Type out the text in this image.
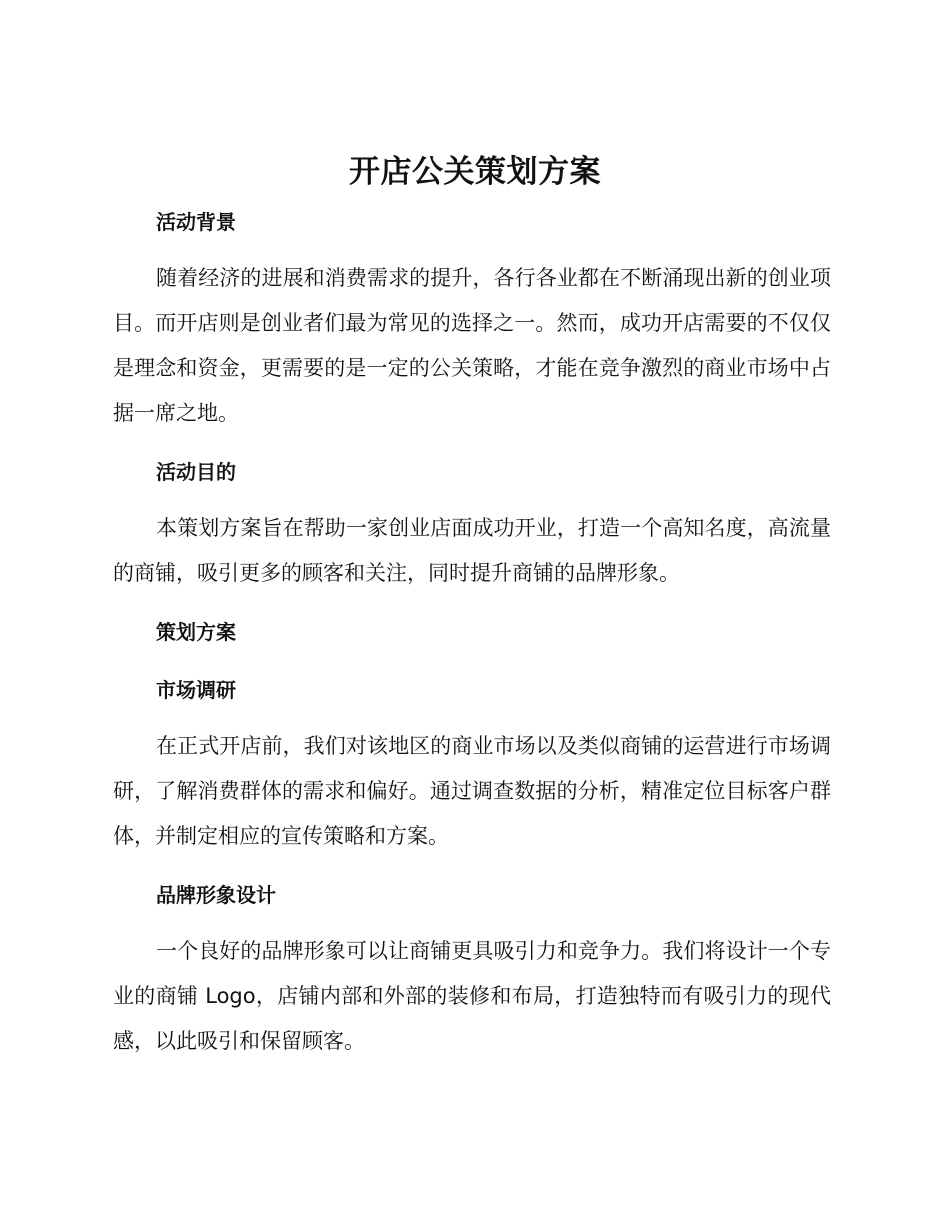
开店公关策划方案
活动背景

随着经济的进展和消费需求的提升，各行各业都在不断涌现出新的创业项目。而开店则是创业者们最为常见的选择之一。然而，成功开店需要的不仅仅是理念和资金，更需要的是一定的公关策略，才能在竞争激烈的商业市场中占据一席之地。

活动目的

本策划方案旨在帮助一家创业店面成功开业，打造一个高知名度，高流量的商铺，吸引更多的顾客和关注，同时提升商铺的品牌形象。

策划方案
市场调研

在正式开店前，我们对该地区的商业市场以及类似商铺的运营进行市场调研，了解消费群体的需求和偏好。通过调查数据的分析，精准定位目标客户群体，并制定相应的宣传策略和方案。

品牌形象设计

一个良好的品牌形象可以让商铺更具吸引力和竞争力。我们将设计一个专业的商铺 Logo，店铺内部和外部的装修和布局，打造独特而有吸引力的现代感，以此吸引和保留顾客。
